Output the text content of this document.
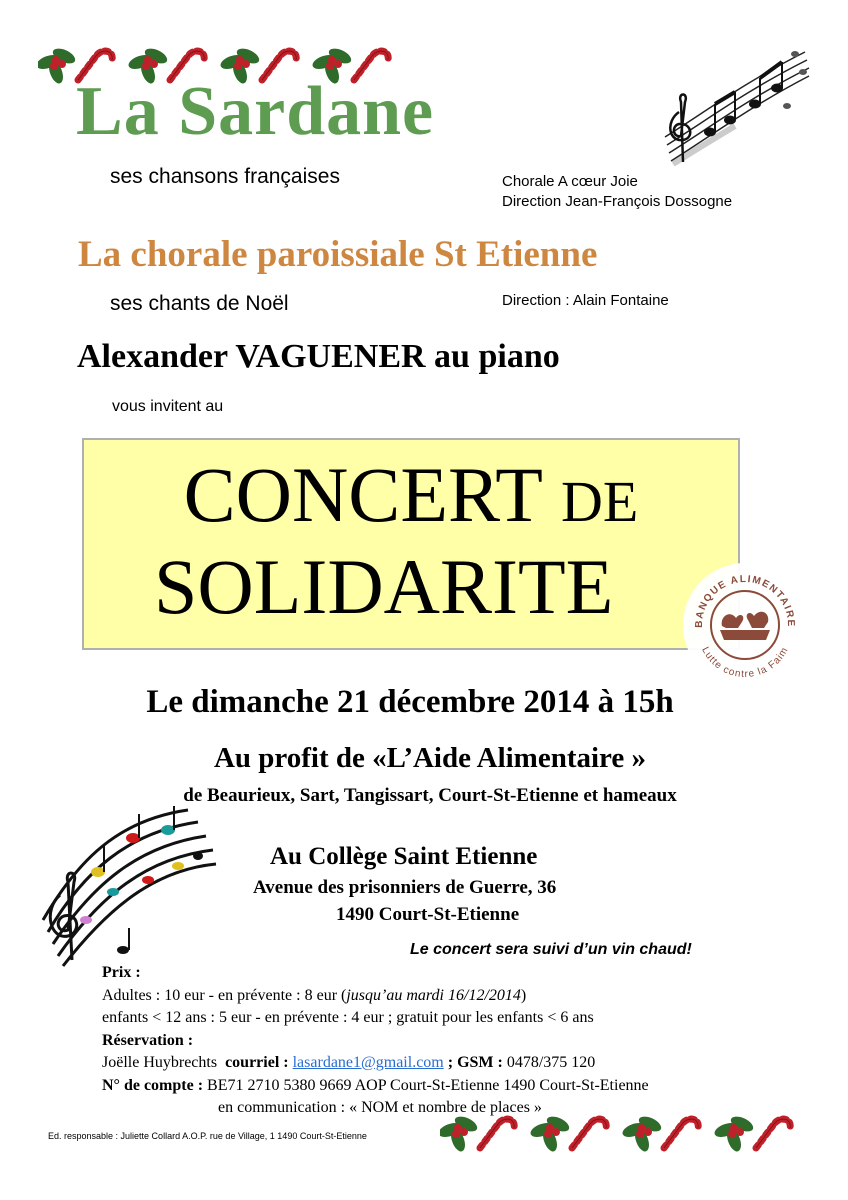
La Sardane
ses chansons françaises	Chorale A cœur Joie
Direction Jean-François Dossogne
La chorale paroissiale St Etienne
ses chants de Noël	Direction : Alain Fontaine
Alexander VAGUENER au piano
vous invitent au
CONCERT DE
SOLIDARITE	BANQUE ALIMENTAIRE
Lutte contre la Faim
Le dimanche 21 décembre 2014 à 15h
Au profit de «L’Aide Alimentaire »
de Beaurieux, Sart, Tangissart, Court-St-Etienne et hameaux
Au Collège Saint Etienne
Avenue des prisonniers de Guerre, 36
1490 Court-St-Etienne
Le concert sera suivi d’un vin chaud!
Prix :
Adultes : 10 eur - en prévente : 8 eur (jusqu’au mardi 16/12/2014)
enfants < 12 ans : 5 eur - en prévente : 4 eur ; gratuit pour les enfants < 6 ans
Réservation :
Joëlle Huybrechts  courriel : lasardane1@gmail.com ; GSM : 0478/375 120
N° de compte : BE71 2710 5380 9669 AOP Court-St-Etienne 1490 Court-St-Etienne
en communication : « NOM et nombre de places »
Ed. responsable : Juliette Collard A.O.P. rue de Village, 1 1490 Court-St-Etienne
